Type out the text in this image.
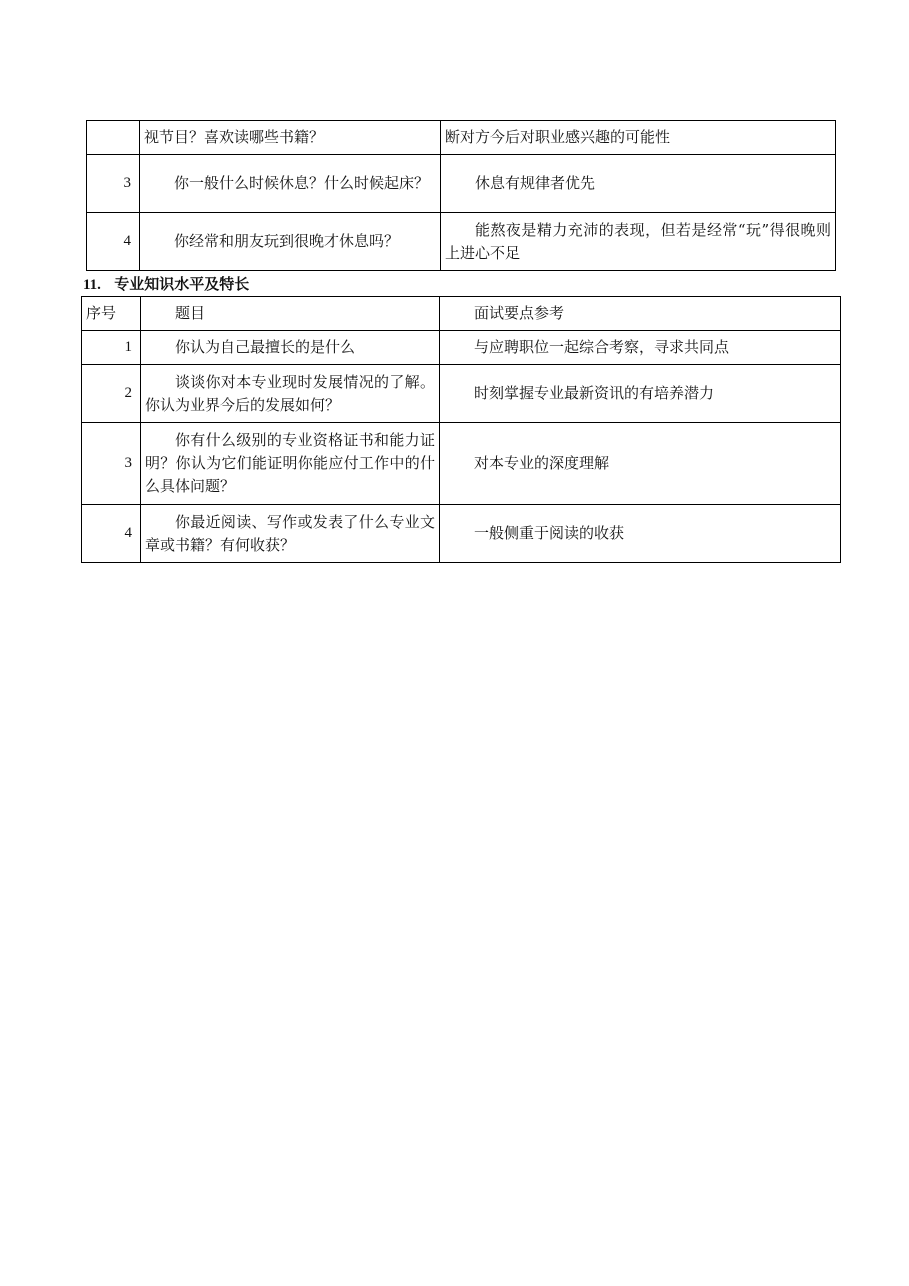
	视节目？喜欢读哪些书籍？	断对方今后对职业感兴趣的可能性
3	你一般什么时候休息？什么时候起床？	休息有规律者优先
4	你经常和朋友玩到很晚才休息吗？	能熬夜是精力充沛的表现，但若是经常“玩”得很晚则上进心不足
11. 专业知识水平及特长
序号	题目	面试要点参考
1	你认为自己最擅长的是什么	与应聘职位一起综合考察，寻求共同点
2	谈谈你对本专业现时发展情况的了解。你认为业界今后的发展如何？	时刻掌握专业最新资讯的有培养潜力
3	你有什么级别的专业资格证书和能力证明？你认为它们能证明你能应付工作中的什么具体问题？	对本专业的深度理解
4	你最近阅读、写作或发表了什么专业文章或书籍？有何收获？	一般侧重于阅读的收获
